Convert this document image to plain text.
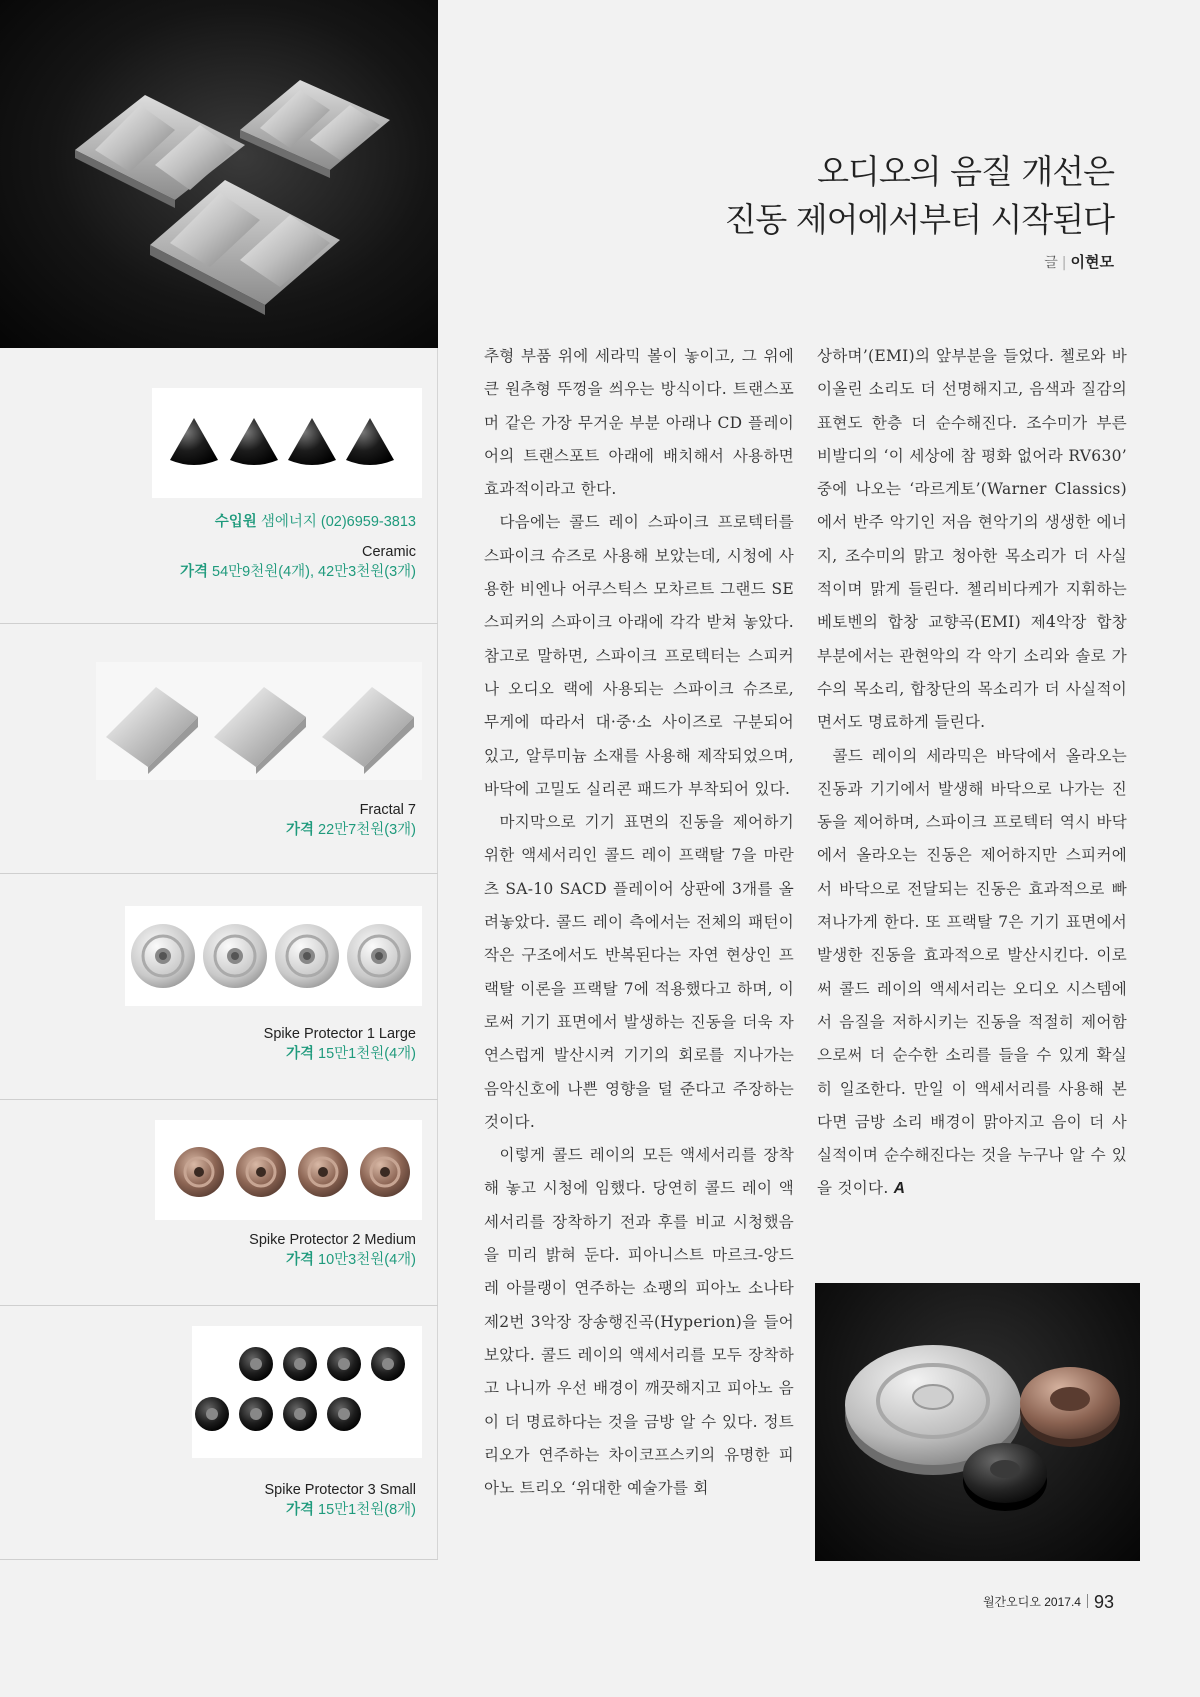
수입원 샘에너지 (02)6959-3813
Ceramic
가격 54만9천원(4개), 42만3천원(3개)
Fractal 7
가격 22만7천원(3개)
Spike Protector 1 Large
가격 15만1천원(4개)
Spike Protector 2 Medium
가격 10만3천원(4개)
Spike Protector 3 Small
가격 15만1천원(8개)
오디오의 음질 개선은
진동 제어에서부터 시작된다
글 | 이현모

추형 부품 위에 세라믹 볼이 놓이고, 그 위에 큰 원추형 뚜껑을 씌우는 방식이다. 트랜스포머 같은 가장 무거운 부분 아래나 CD 플레이어의 트랜스포트 아래에 배치해서 사용하면 효과적이라고 한다.

다음에는 콜드 레이 스파이크 프로텍터를 스파이크 슈즈로 사용해 보았는데, 시청에 사용한 비엔나 어쿠스틱스 모차르트 그랜드 SE 스피커의 스파이크 아래에 각각 받쳐 놓았다. 참고로 말하면, 스파이크 프로텍터는 스피커나 오디오 랙에 사용되는 스파이크 슈즈로, 무게에 따라서 대·중·소 사이즈로 구분되어 있고, 알루미늄 소재를 사용해 제작되었으며, 바닥에 고밀도 실리콘 패드가 부착되어 있다.

마지막으로 기기 표면의 진동을 제어하기 위한 액세서리인 콜드 레이 프랙탈 7을 마란츠 SA-10 SACD 플레이어 상판에 3개를 올려놓았다. 콜드 레이 측에서는 전체의 패턴이 작은 구조에서도 반복된다는 자연 현상인 프랙탈 이론을 프랙탈 7에 적용했다고 하며, 이로써 기기 표면에서 발생하는 진동을 더욱 자연스럽게 발산시켜 기기의 회로를 지나가는 음악신호에 나쁜 영향을 덜 준다고 주장하는 것이다.

이렇게 콜드 레이의 모든 액세서리를 장착해 놓고 시청에 임했다. 당연히 콜드 레이 액세서리를 장착하기 전과 후를 비교 시청했음을 미리 밝혀 둔다. 피아니스트 마르크-앙드레 아믈랭이 연주하는 쇼팽의 피아노 소나타 제2번 3악장 장송행진곡(Hyperion)을 들어 보았다. 콜드 레이의 액세서리를 모두 장착하고 나니까 우선 배경이 깨끗해지고 피아노 음이 더 명료하다는 것을 금방 알 수 있다. 정트리오가 연주하는 차이코프스키의 유명한 피아노 트리오 ‘위대한 예술가를 회

상하며’(EMI)의 앞부분을 들었다. 첼로와 바이올린 소리도 더 선명해지고, 음색과 질감의 표현도 한층 더 순수해진다. 조수미가 부른 비발디의 ‘이 세상에 참 평화 없어라 RV630’ 중에 나오는 ‘라르게토’(Warner Classics)에서 반주 악기인 저음 현악기의 생생한 에너지, 조수미의 맑고 청아한 목소리가 더 사실적이며 맑게 들린다. 첼리비다케가 지휘하는 베토벤의 합창 교향곡(EMI) 제4악장 합창 부분에서는 관현악의 각 악기 소리와 솔로 가수의 목소리, 합창단의 목소리가 더 사실적이면서도 명료하게 들린다.

콜드 레이의 세라믹은 바닥에서 올라오는 진동과 기기에서 발생해 바닥으로 나가는 진동을 제어하며, 스파이크 프로텍터 역시 바닥에서 올라오는 진동은 제어하지만 스피커에서 바닥으로 전달되는 진동은 효과적으로 빠져나가게 한다. 또 프랙탈 7은 기기 표면에서 발생한 진동을 효과적으로 발산시킨다. 이로써 콜드 레이의 액세서리는 오디오 시스템에서 음질을 저하시키는 진동을 적절히 제어함으로써 더 순수한 소리를 들을 수 있게 확실히 일조한다. 만일 이 액세서리를 사용해 본다면 금방 소리 배경이 맑아지고 음이 더 사실적이며 순수해진다는 것을 누구나 알 수 있을 것이다. A

월간오디오 2017.4 93
